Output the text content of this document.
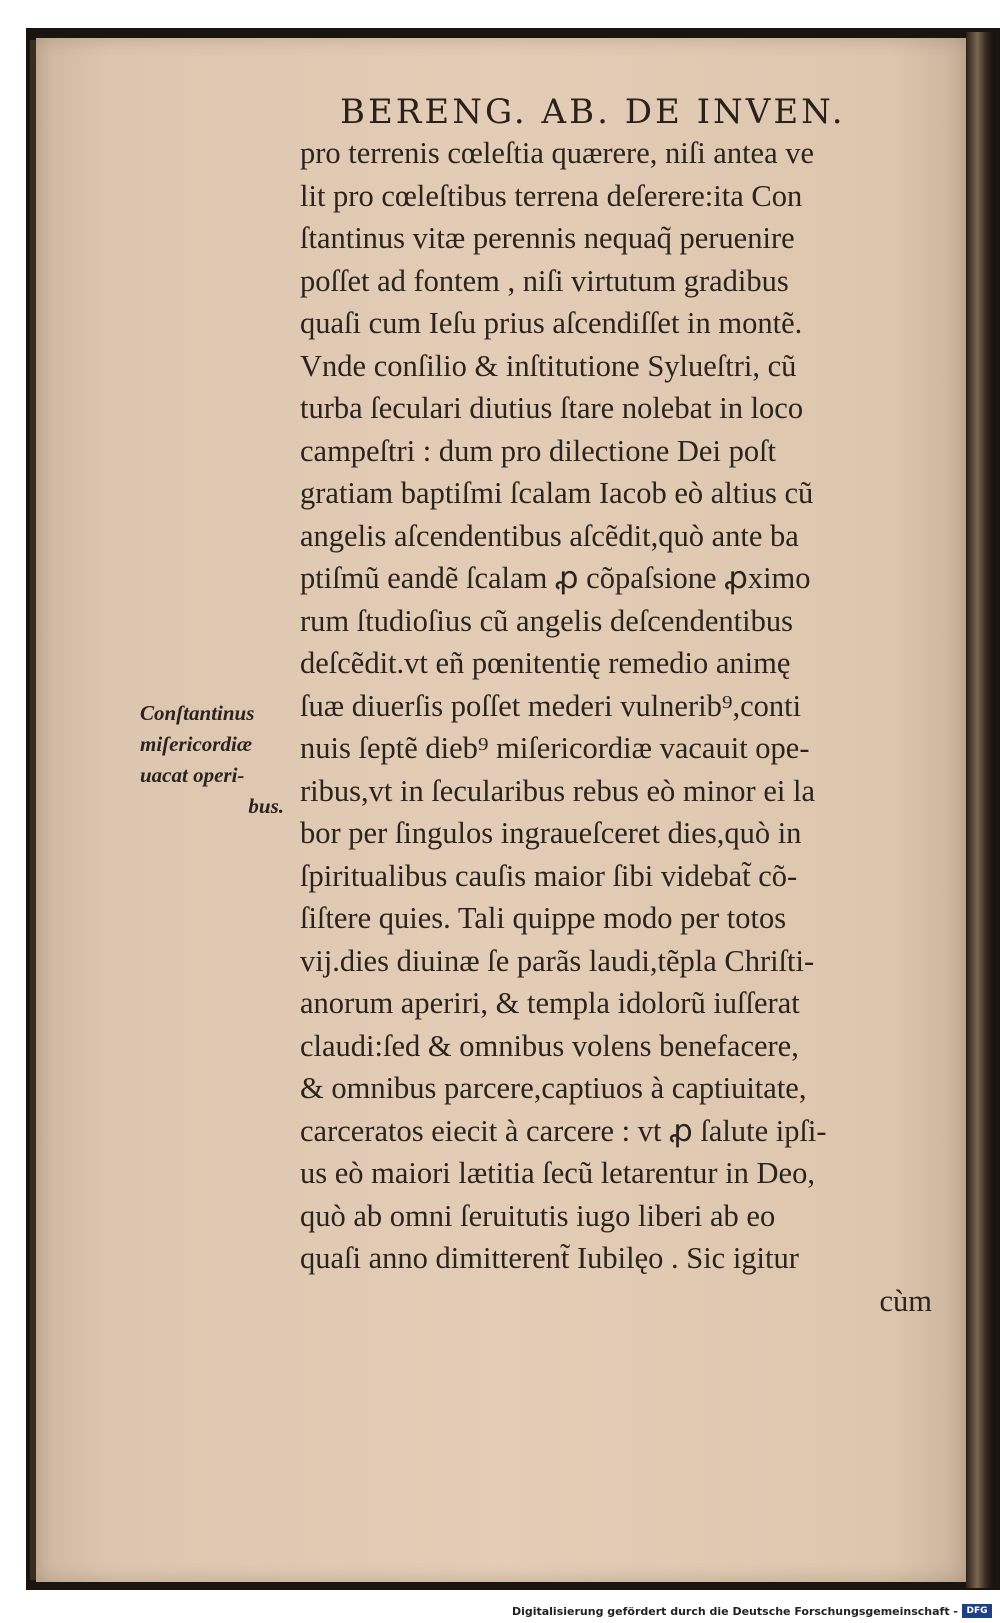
BERENG. AB. DE INVEN.
pro terrenis cœleſtia quærere, niſi antea ve
lit pro cœleſtibus terrena deſerere:ita Con
ſtantinus vitæ perennis nequaq̃ peruenire
poſſet ad fontem , niſi virtutum gradibus
quaſi cum Ieſu prius aſcendiſſet in montẽ.
Vnde conſilio & inſtitutione Sylueſtri, cũ
turba ſeculari diutius ſtare nolebat in loco
campeſtri : dum pro dilectione Dei poſt
gratiam baptiſmi ſcalam Iacob eò altius cũ
angelis aſcendentibus aſcẽdit,quò ante ba
ptiſmũ eandẽ ſcalam ꝓ cõpaſsione ꝓximo
rum ſtudioſius cũ angelis deſcendentibus
deſcẽdit.vt eñ pœnitentię remedio animę
ſuæ diuerſis poſſet mederi vulnerib⁹,conti
nuis ſeptẽ dieb⁹ miſericordiæ vacauit ope-
ribus,vt in ſecularibus rebus eò minor ei la
bor per ſingulos ingraueſceret dies,quò in
ſpiritualibus cauſis maior ſibi videbat̃ cõ-
ſiſtere quies. Tali quippe modo per totos
vij.dies diuinæ ſe parãs laudi,tẽpla Chriſti-
anorum aperiri, & templa idolorũ iuſſerat
claudi:ſed & omnibus volens benefacere,
& omnibus parcere,captiuos à captiuitate,
carceratos eiecit à carcere : vt ꝓ ſalute ipſi-
us eò maiori lætitia ſecũ letarentur in Deo,
quò ab omni ſeruitutis iugo liberi ab eo
quaſi anno dimitterent̃ Iubilęo . Sic igitur
cùm
Conſtantinus
miſericordiæ
uacat operi-
bus.
Digitalisierung gefördert durch die Deutsche Forschungsgemeinschaft - DFG
